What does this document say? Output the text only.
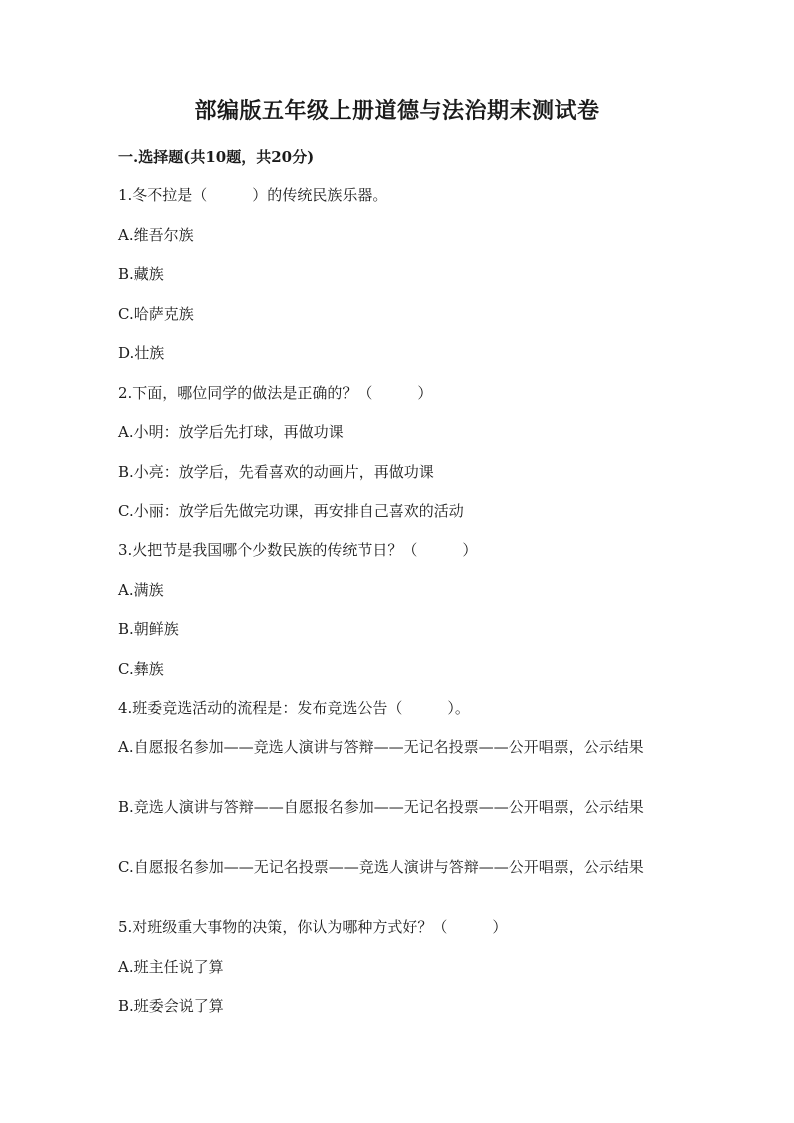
部编版五年级上册道德与法治期末测试卷
一.选择题(共10题，共20分)
1.冬不拉是（　　　）的传统民族乐器。
A.维吾尔族
B.藏族
C.哈萨克族
D.壮族
2.下面，哪位同学的做法是正确的？（　　　）
A.小明：放学后先打球，再做功课
B.小亮：放学后，先看喜欢的动画片，再做功课
C.小丽：放学后先做完功课，再安排自己喜欢的活动
3.火把节是我国哪个少数民族的传统节日？（　　　）
A.满族
B.朝鲜族
C.彝族
4.班委竞选活动的流程是：发布竞选公告（　　　）。
A.自愿报名参加——竞选人演讲与答辩——无记名投票——公开唱票，公示结果
B.竞选人演讲与答辩——自愿报名参加——无记名投票——公开唱票，公示结果
C.自愿报名参加——无记名投票——竞选人演讲与答辩——公开唱票，公示结果
5.对班级重大事物的决策，你认为哪种方式好？（　　　）
A.班主任说了算
B.班委会说了算
